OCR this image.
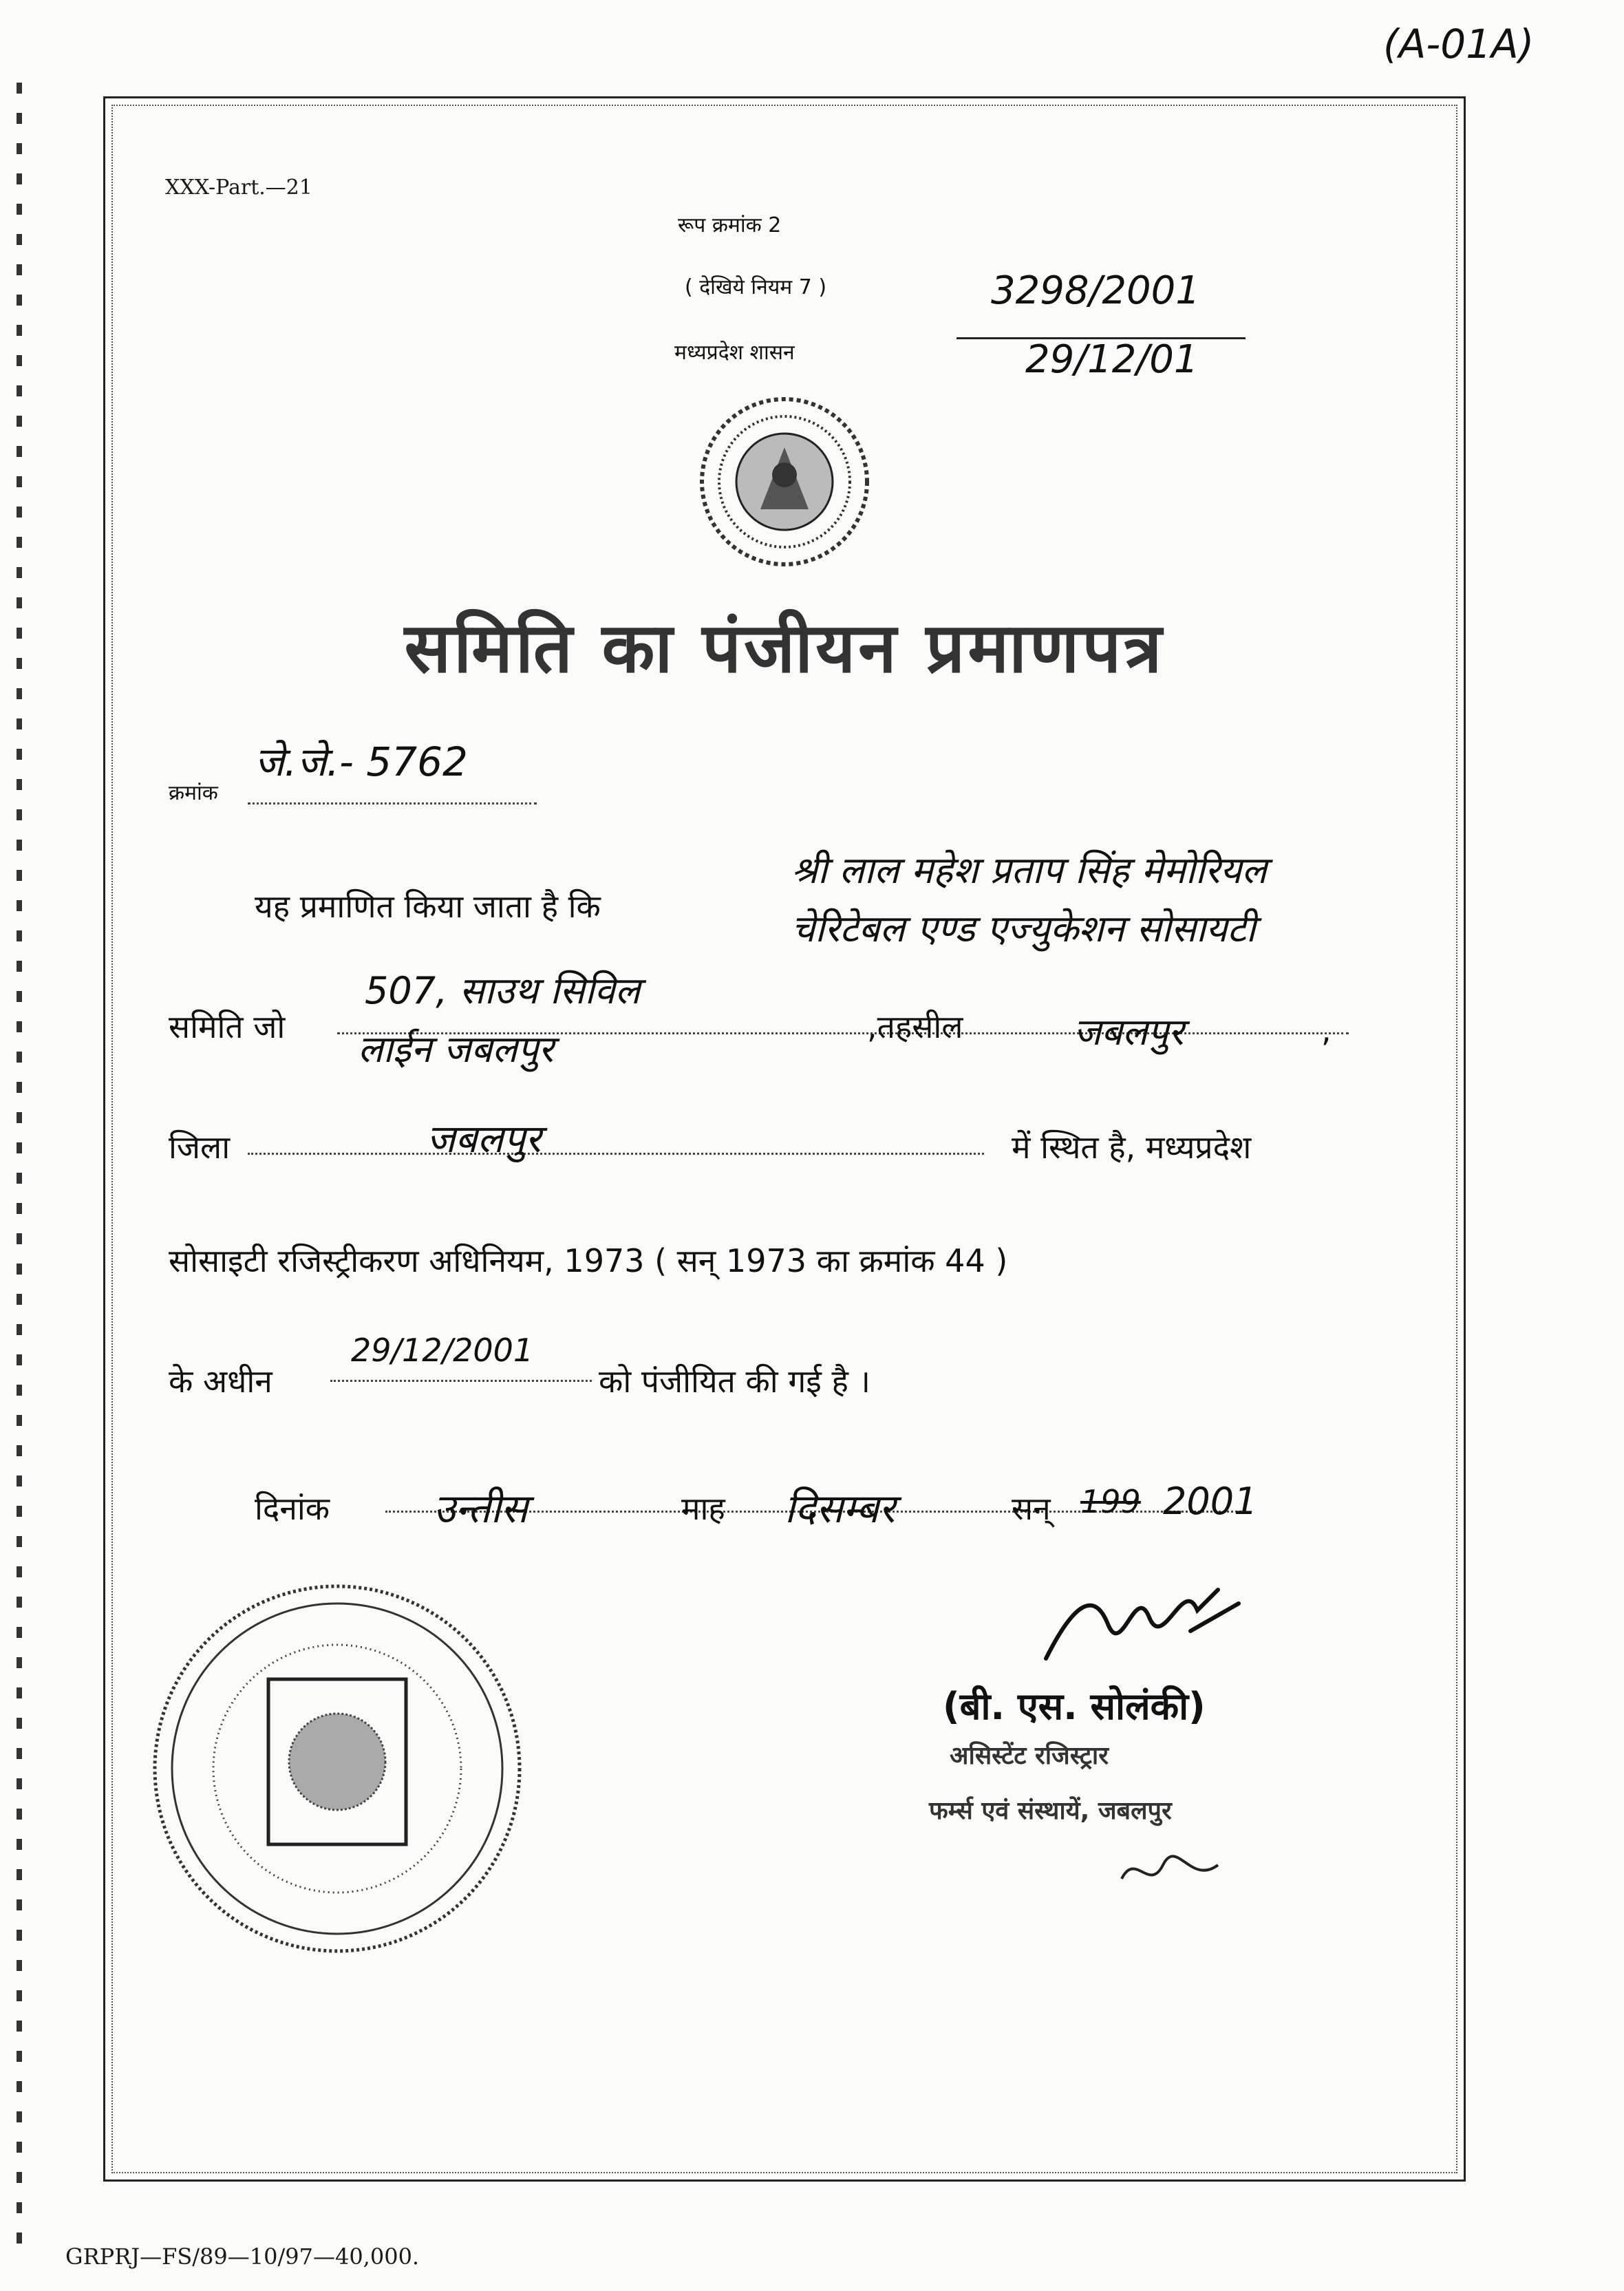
(A-01A)
XXX-Part.—21
रूप क्रमांक 2
( देखिये नियम 7 )
मध्यप्रदेश शासन
3298/2001
29/12/01
समिति का पंजीयन प्रमाणपत्र
क्रमांक
जे.जे.- 5762
यह प्रमाणित किया जाता है कि
श्री लाल महेश प्रताप सिंह मेमोरियल
चेरिटेबल एण्ड एज्युकेशन सोसायटी
समिति जो
507, साउथ सिविल
लाईन जबलपुर
,तहसील	जबलपुर	,
जिला	जबलपुर	में स्थित है, मध्यप्रदेश
सोसाइटी रजिस्ट्रीकरण अधिनियम, 1973 ( सन् 1973 का क्रमांक 44 )
के अधीन
29/12/2001
को पंजीयित की गई है ।
दिनांक	उन्तीस	माह दिसम्बर	सन् 199 2001
(बी. एस. सोलंकी)
असिस्टेंट रजिस्ट्रार
फर्म्स एवं संस्थायें, जबलपुर
GRPRJ—FS/89—10/97—40,000.
